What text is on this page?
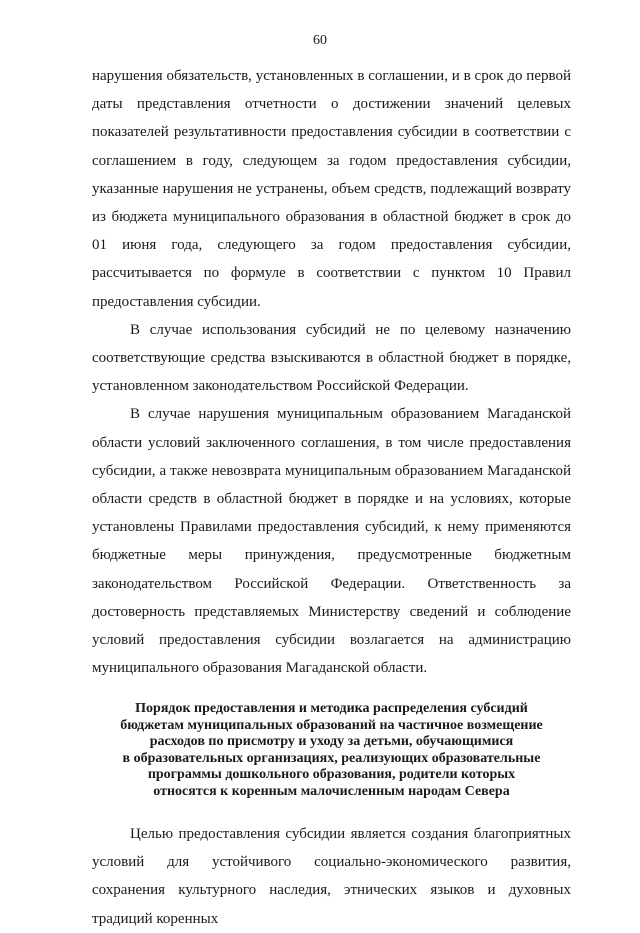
60

нарушения обязательств, установленных в соглашении, и в срок до первой даты представления отчетности о достижении значений целевых показателей результативности предоставления субсидии в соответствии с соглашением в году, следующем за годом предоставления субсидии, указанные нарушения не устранены, объем средств, подлежащий возврату из бюджета муниципального образования в областной бюджет в срок до 01 июня года, следующего за годом предоставления субсидии, рассчитывается по формуле в соответствии с пунктом 10 Правил предоставления субсидии.

В случае использования субсидий не по целевому назначению соответствующие средства взыскиваются в областной бюджет в порядке, установленном законодательством Российской Федерации.

В случае нарушения муниципальным образованием Магаданской области условий заключенного соглашения, в том числе предоставления субсидии, а также невозврата муниципальным образованием Магаданской области средств в областной бюджет в порядке и на условиях, которые установлены Правилами предоставления субсидий, к нему применяются бюджетные меры принуждения, предусмотренные бюджетным законодательством Российской Федерации. Ответственность за достоверность представляемых Министерству сведений и соблюдение условий предоставления субсидии возлагается на администрацию муниципального образования Магаданской области.

Порядок предоставления и методика распределения субсидий
бюджетам муниципальных образований на частичное возмещение
расходов по присмотру и уходу за детьми, обучающимися
в образовательных организациях, реализующих образовательные
программы дошкольного образования, родители которых
относятся к коренным малочисленным народам Севера

Целью предоставления субсидии является создания благоприятных условий для устойчивого социально-экономического развития, сохранения культурного наследия, этнических языков и духовных традиций коренных
